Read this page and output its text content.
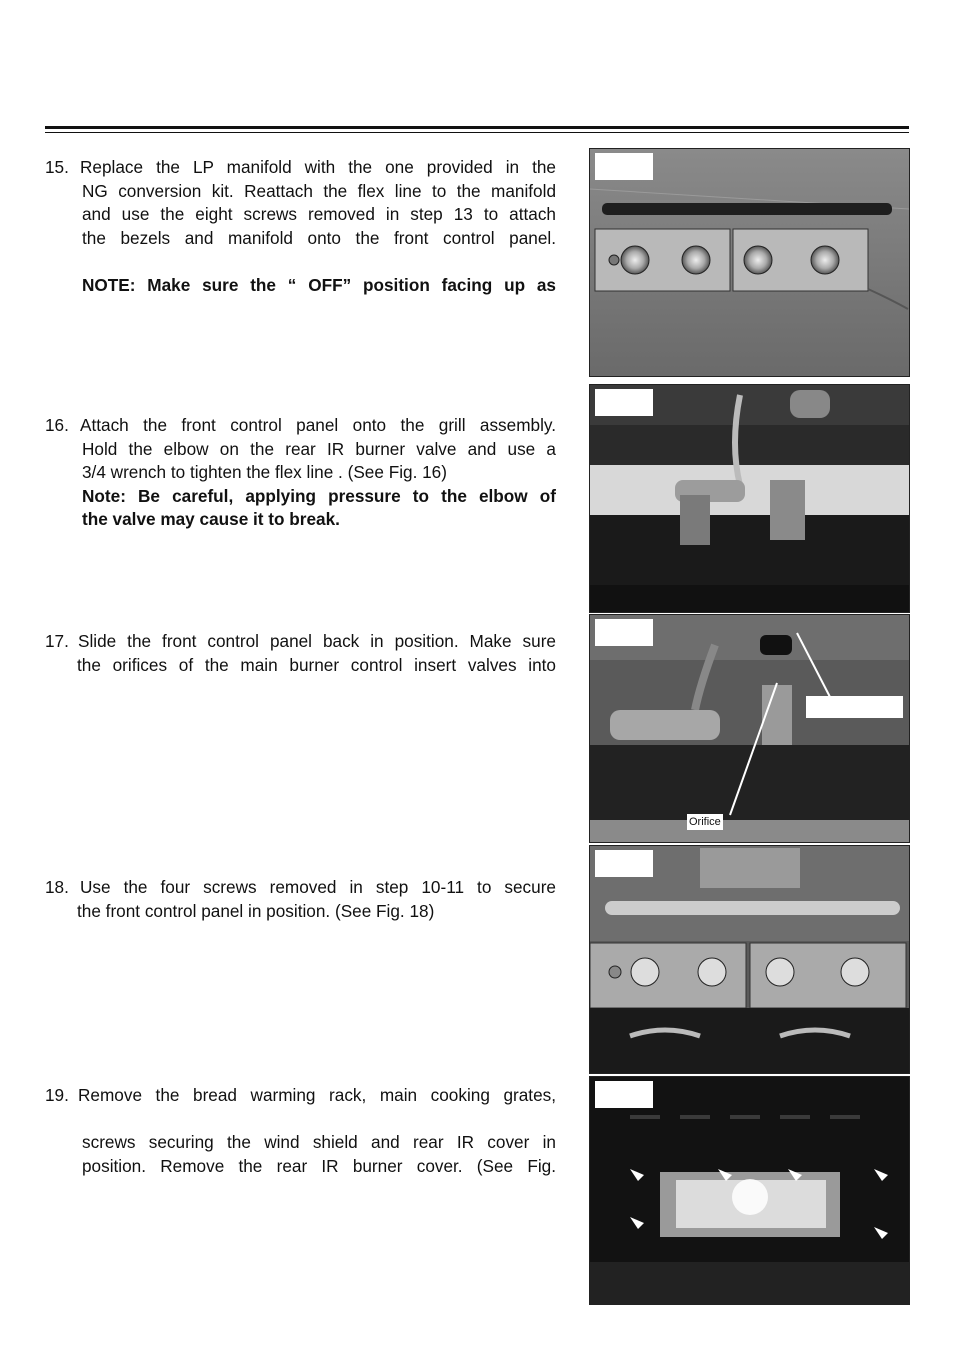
15. Replace the LP manifold with the one provided in the
NG conversion kit. Reattach the flex line to the manifold
and use the eight screws removed in step 13 to attach
the bezels and manifold onto the front control panel.
NOTE: Make sure the “ OFF” position facing up as
16. Attach the front control panel onto the grill assembly.
Hold the elbow on the rear IR burner valve and use a
3/4 wrench to tighten the flex line . (See Fig. 16)
Note: Be careful, applying pressure to the elbow of
the valve may cause it to break.
17. Slide the front control panel back in position. Make sure
the orifices of the main burner control insert valves into
18. Use the four screws removed in step 10-11 to secure
the front control panel in position. (See Fig. 18)
19. Remove the bread warming rack, main cooking grates,
screws securing the wind shield and rear IR cover in
position. Remove the rear IR burner cover. (See Fig.
Orifice
